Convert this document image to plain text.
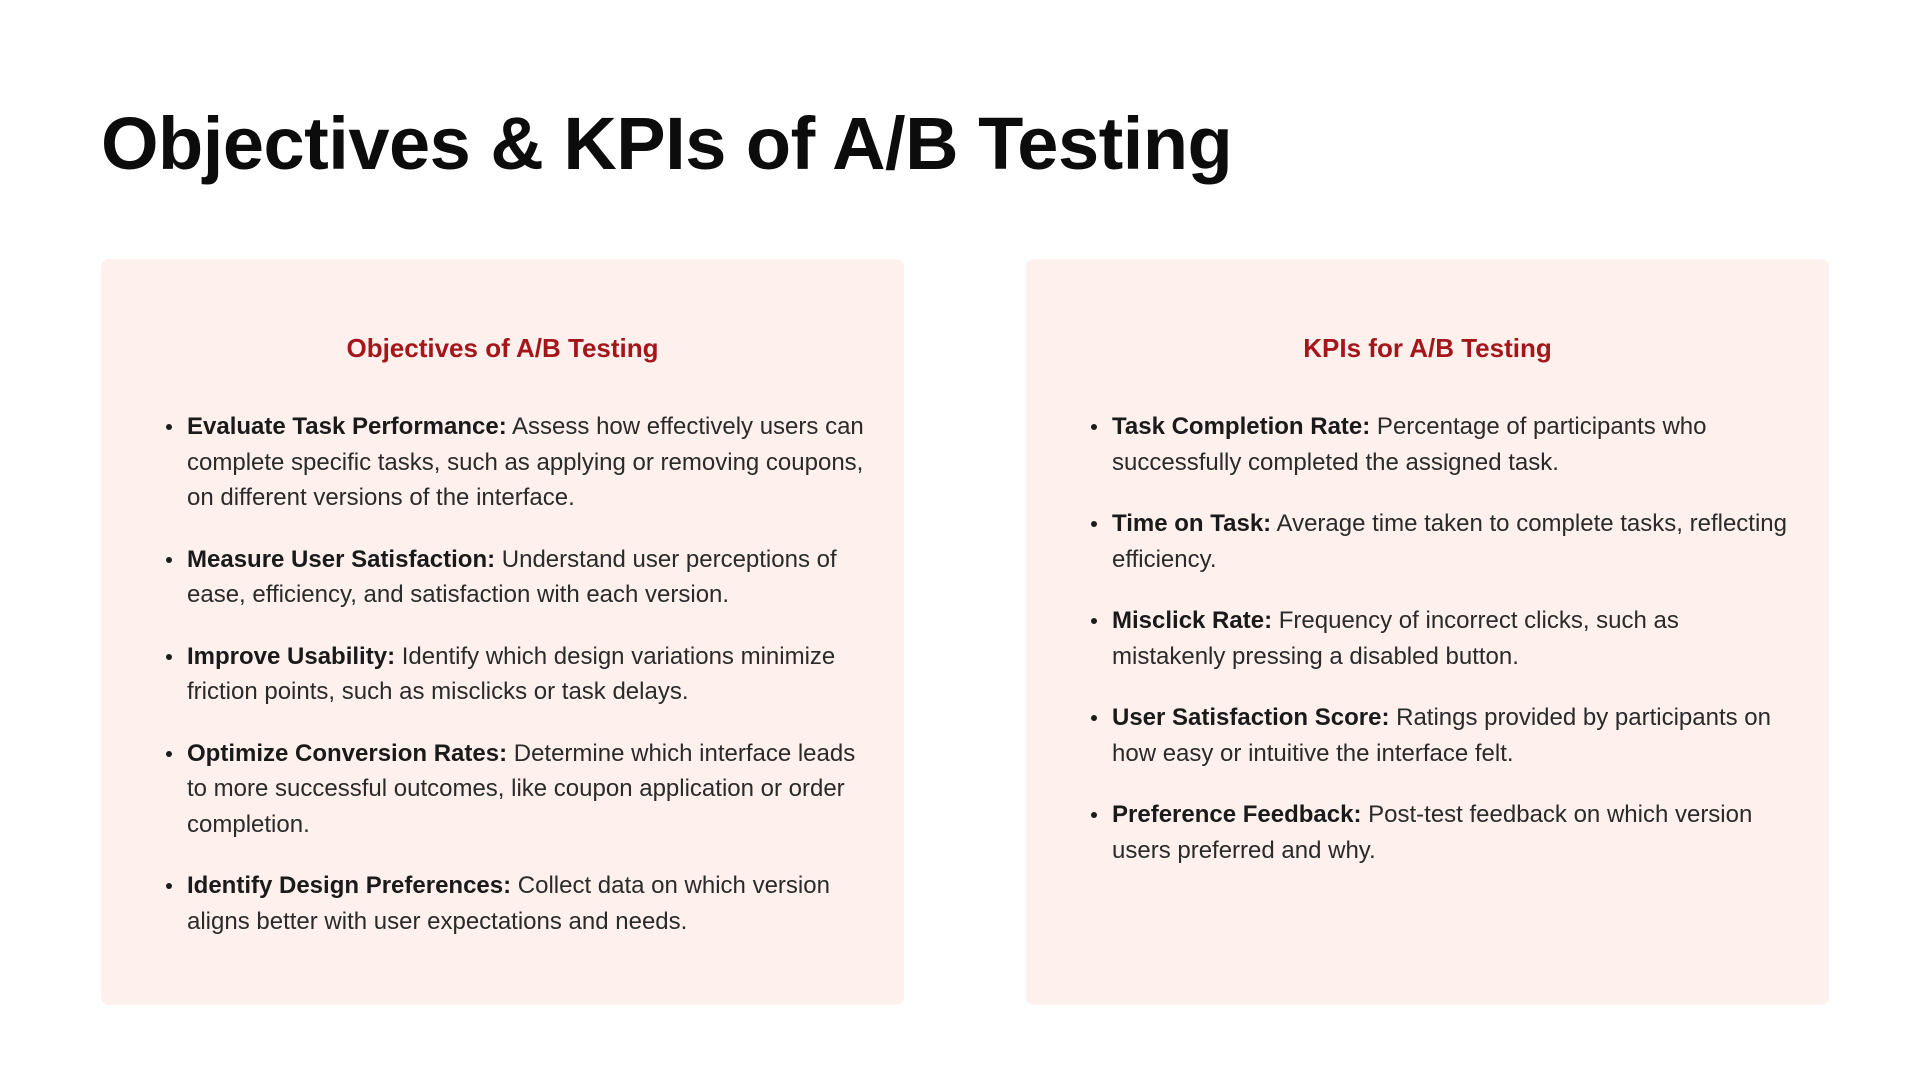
Objectives & KPIs of A/B Testing
Objectives of A/B Testing
Evaluate Task Performance: Assess how effectively users can complete specific tasks, such as applying or removing coupons, on different versions of the interface.
Measure User Satisfaction: Understand user perceptions of ease, efficiency, and satisfaction with each version.
Improve Usability: Identify which design variations minimize friction points, such as misclicks or task delays.
Optimize Conversion Rates: Determine which interface leads to more successful outcomes, like coupon application or order completion.
Identify Design Preferences: Collect data on which version aligns better with user expectations and needs.
KPIs for A/B Testing
Task Completion Rate: Percentage of participants who successfully completed the assigned task.
Time on Task: Average time taken to complete tasks, reflecting efficiency.
Misclick Rate: Frequency of incorrect clicks, such as mistakenly pressing a disabled button.
User Satisfaction Score: Ratings provided by participants on how easy or intuitive the interface felt.
Preference Feedback: Post-test feedback on which version users preferred and why.
